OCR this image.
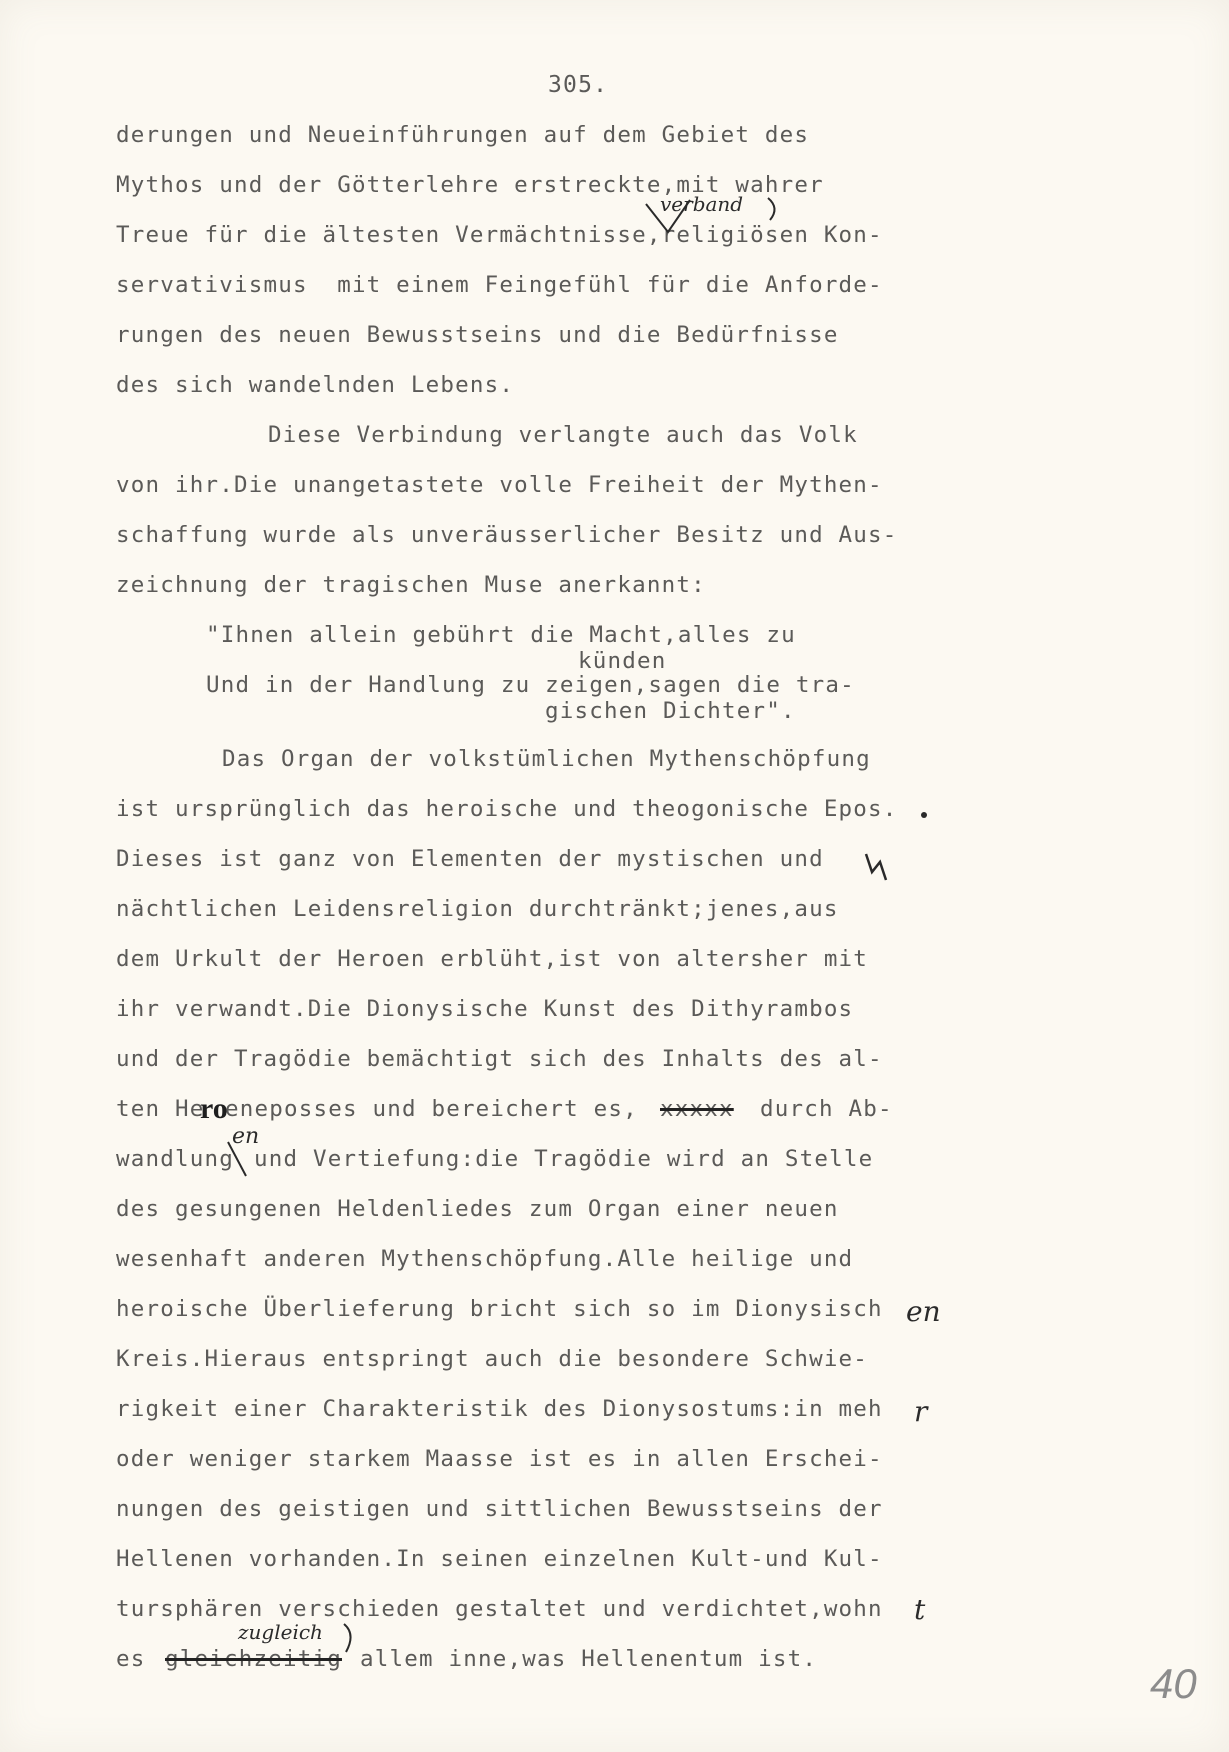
305.
derungen und Neueinführungen auf dem Gebiet des
Mythos und der Götterlehre erstreckte,mit wahrer
Treue für die ältesten Vermächtnisse,religiösen Kon-
servativismus  mit einem Feingefühl für die Anforde-
rungen des neuen Bewusstseins und die Bedürfnisse
des sich wandelnden Lebens.
Diese Verbindung verlangte auch das Volk
von ihr.Die unangetastete volle Freiheit der Mythen-
schaffung wurde als unveräusserlicher Besitz und Aus-
zeichnung der tragischen Muse anerkannt:
"Ihnen allein gebührt die Macht,alles zu
künden
Und in der Handlung zu zeigen,sagen die tra-
gischen Dichter".
Das Organ der volkstümlichen Mythenschöpfung
ist ursprünglich das heroische und theogonische Epos.
Dieses ist ganz von Elementen der mystischen und
nächtlichen Leidensreligion durchtränkt;jenes,aus
dem Urkult der Heroen erblüht,ist von altersher mit
ihr verwandt.Die Dionysische Kunst des Dithyrambos
und der Tragödie bemächtigt sich des Inhalts des al-
ten He
ro
eneposses und bereichert es, xxxxx durch Ab-
wandlung
en
und Vertiefung:die Tragödie wird an Stelle
des gesungenen Heldenliedes zum Organ einer neuen
wesenhaft anderen Mythenschöpfung.Alle heilige und
heroische Überlieferung bricht sich so im Dionysisch en
Kreis.Hieraus entspringt auch die besondere Schwie-
rigkeit einer Charakteristik des Dionysostums:in meh r
oder weniger starkem Maasse ist es in allen Erschei-
nungen des geistigen und sittlichen Bewusstseins der
Hellenen vorhanden.In seinen einzelnen Kult-und Kul-
tursphären verschieden gestaltet und verdichtet,wohn t
es gleichzeitig
zugleich
allem inne,was Hellenentum ist.
verband
40
